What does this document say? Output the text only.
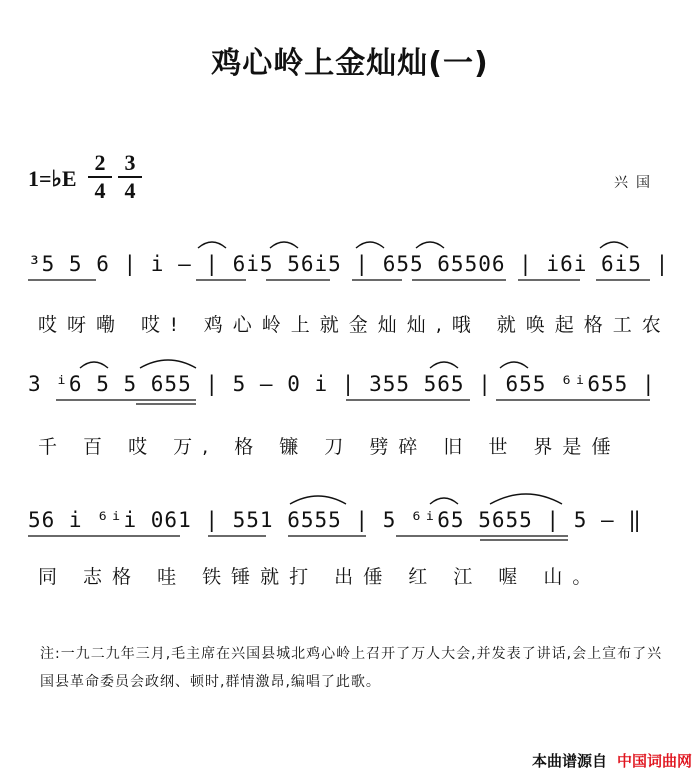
鸡心岭上金灿灿(一)
1=♭E
2
4
3
4	兴国
³5 5 6 | i – | 6i5 56i5 | 655 65506 | i6i 6i5 |
哎呀嘞 哎! 鸡心岭上就金灿灿,哦 就唤起格工农
3 ⁱ6 5 5 655 | 5 – 0 i | 355 565 | 655 ⁶ⁱ655 |
千 百 哎 万, 格 镰 刀 劈碎 旧 世 界是倕
56 i ⁶ⁱi 061 | 551 6555 | 5 ⁶ⁱ65 5655 | 5 – ‖
同 志格 哇 铁锤就打 出倕 红 江 喔 山。
注:一九二九年三月,毛主席在兴国县城北鸡心岭上召开了万人大会,并发表了讲话,会上宣布了兴国县革命委员会政纲、顿时,群情激昂,编唱了此歌。
本曲谱源自 中国词曲网
